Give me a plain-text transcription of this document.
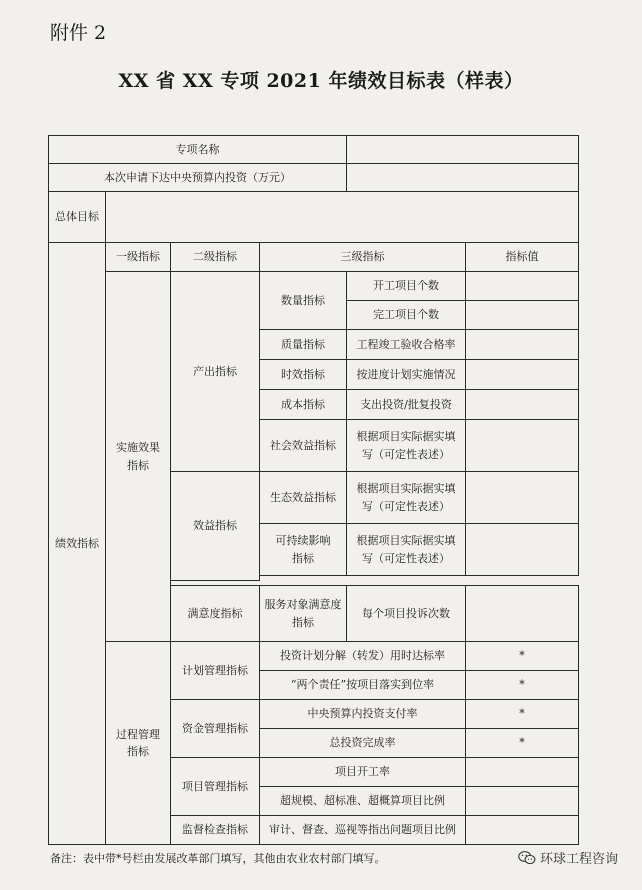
附件 2
XX 省 XX 专项 2021 年绩效目标表（样表）
专项名称					
本次申请下达中央预算内投资（万元）					
总体目标					
绩效指标	一级指标	二级指标	三级指标		指标值
	实施效果指标	产出指标	数量指标	开工项目个数	
				完工项目个数	
			质量指标	工程竣工验收合格率	
			时效指标	按进度计划实施情况	
			成本指标	支出投资/批复投资	
			社会效益指标	根据项目实际据实填写（可定性表述）	
		效益指标	生态效益指标	根据项目实际据实填写（可定性表述）	
			可持续影响指标	根据项目实际据实填写（可定性表述）	

		满意度指标	服务对象满意度指标	每个项目投诉次数	
	过程管理指标	计划管理指标	投资计划分解（转发）用时达标率		*
			“两个责任”按项目落实到位率		*
		资金管理指标	中央预算内投资支付率		*
			总投资完成率		*
		项目管理指标	项目开工率		
			超规模、超标准、超概算项目比例		
		监督检查指标	审计、督查、巡视等指出问题项目比例		
备注：表中带*号栏由发展改革部门填写，其他由农业农村部门填写。	环球工程咨询
